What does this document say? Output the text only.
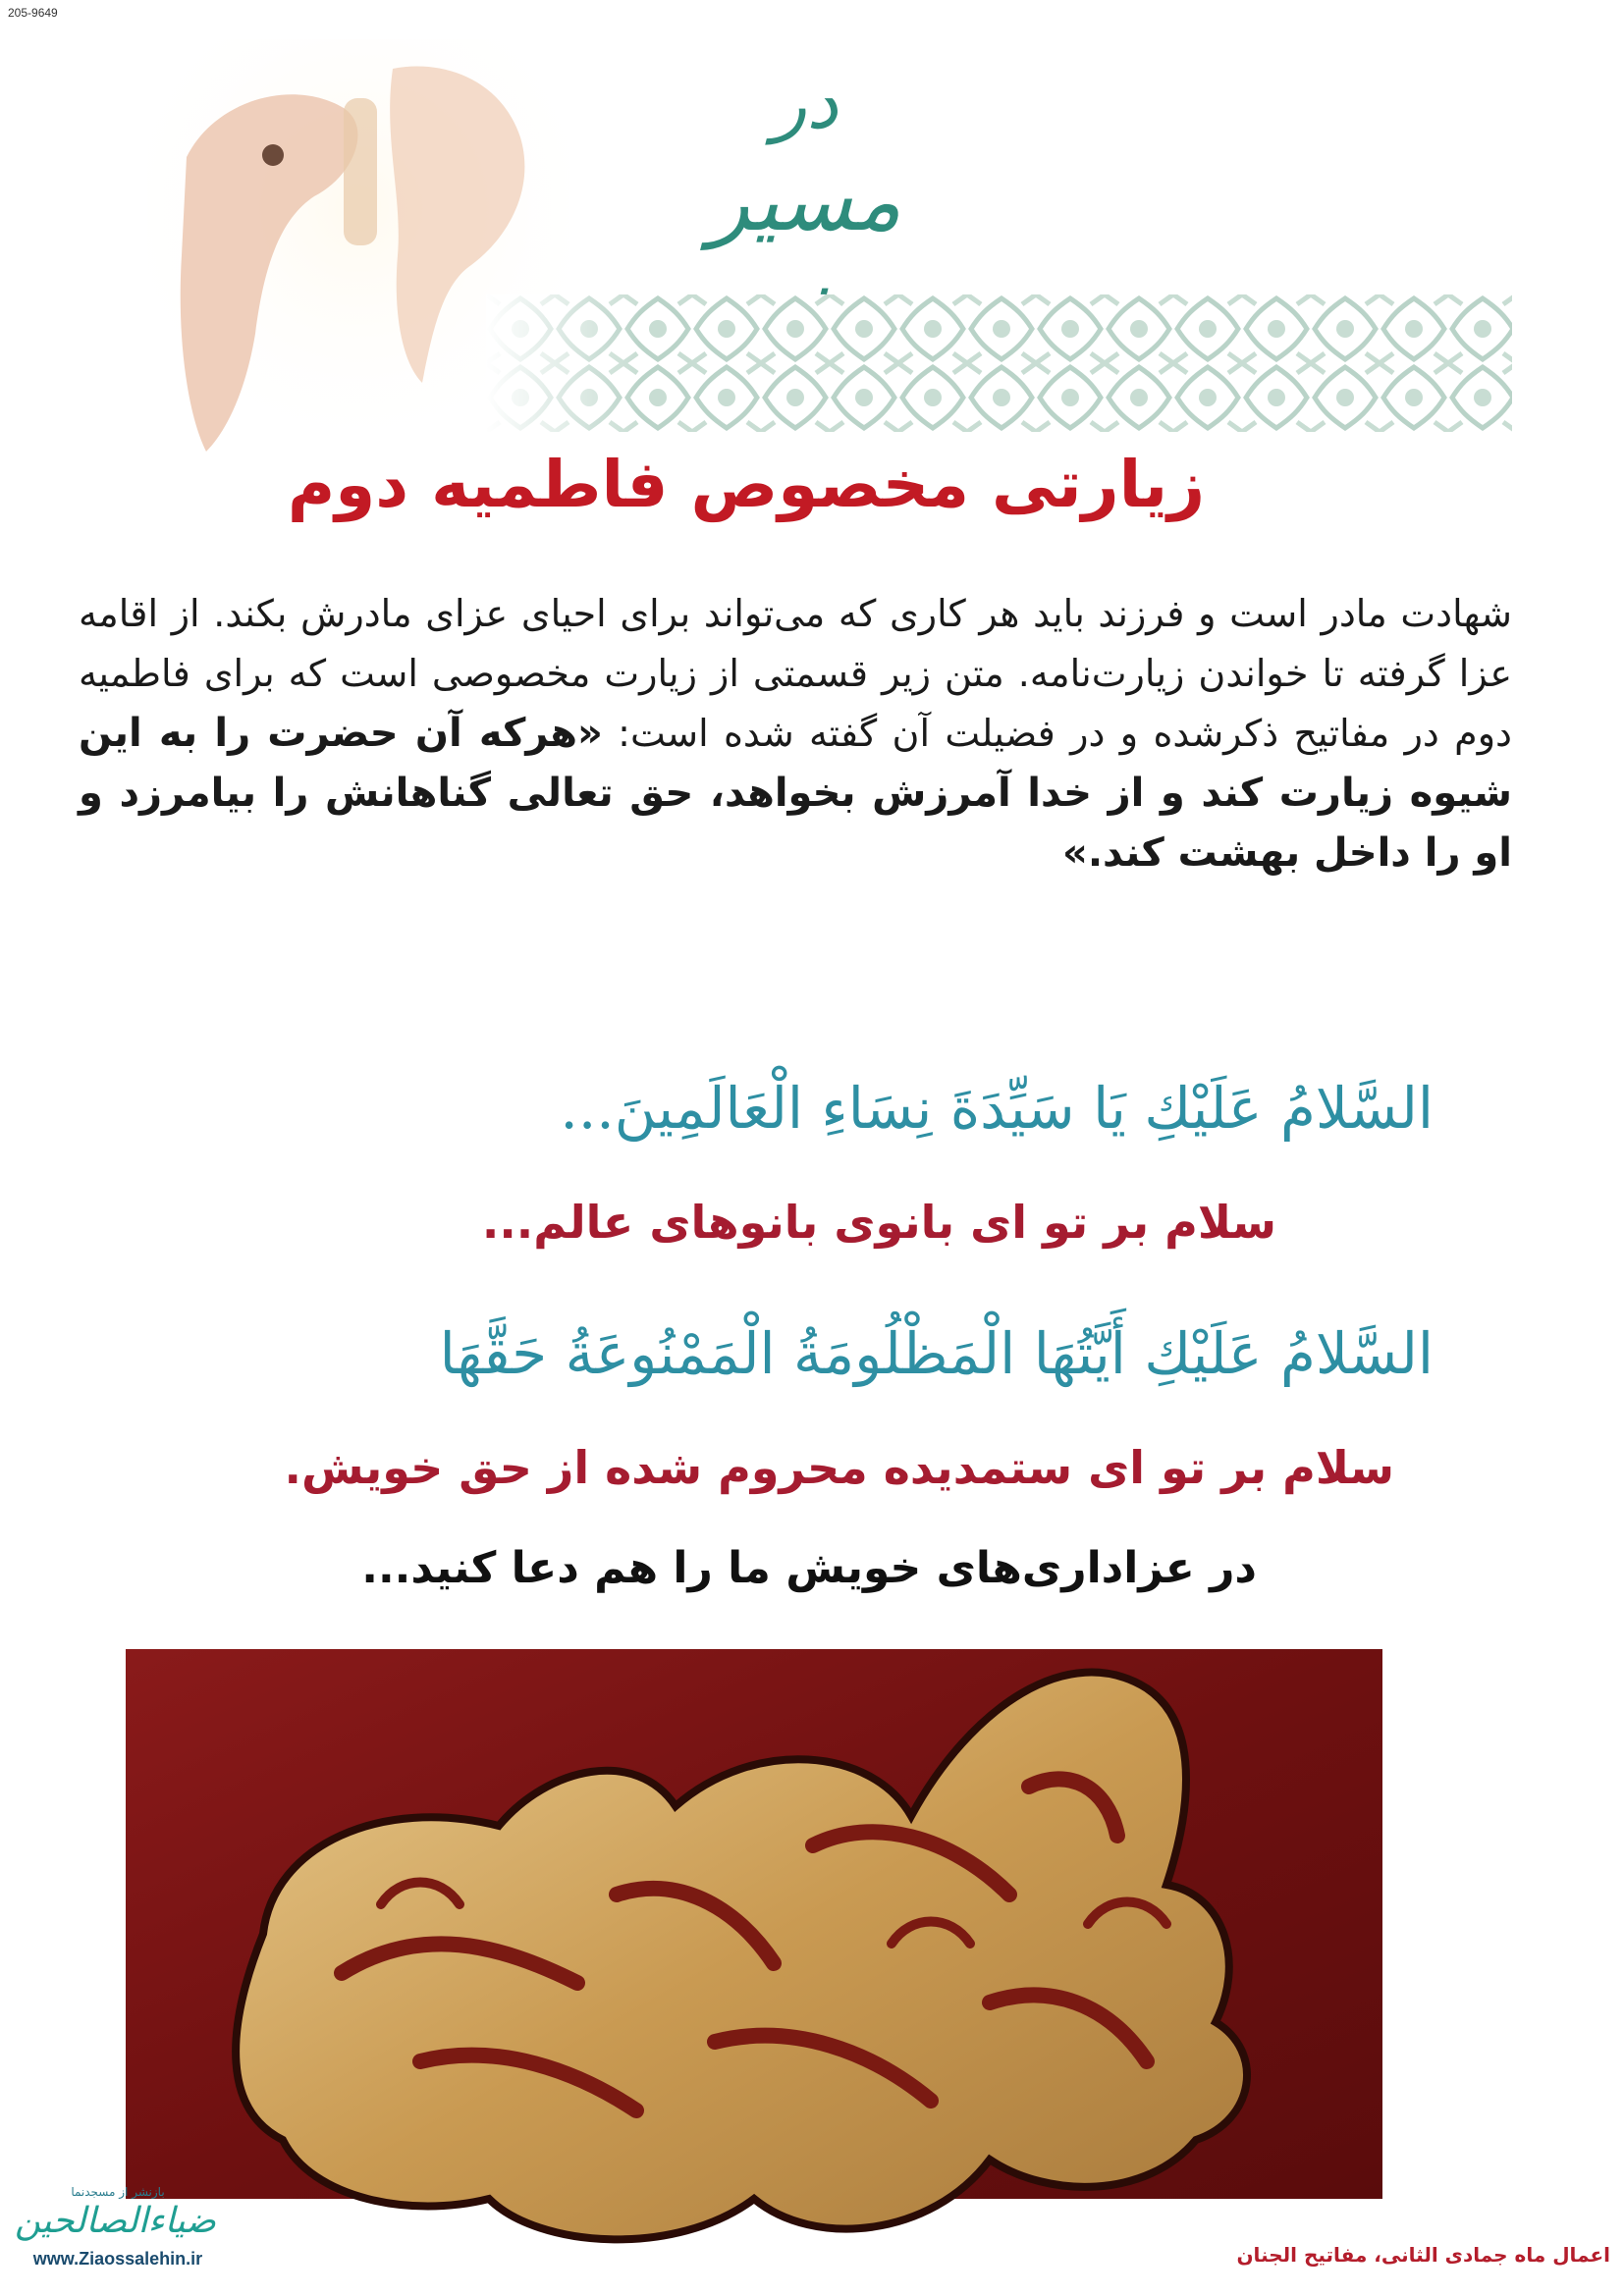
205-9649
در
مسیر
زیارتی مخصوص فاطمیه دوم
شهادت مادر است و فرزند باید هر کاری که می‌تواند برای احیای عزای مادرش بکند. از اقامه عزا گرفته تا خواندن زیارت‌نامه. متن زیر قسمتی از زیارت مخصوصی است که برای فاطمیه دوم در مفاتیح ذکرشده و در فضیلت آن گفته شده است: «هرکه آن حضرت را به این شیوه زیارت کند و از خدا آمرزش بخواهد، حق تعالی گناهانش را بیامرزد و او را داخل بهشت کند.»
السَّلامُ عَلَيْكِ يَا سَيِّدَةَ نِسَاءِ الْعَالَمِينَ...
سلام بر تو ای بانوی بانوهای عالم...
السَّلامُ عَلَيْكِ أَيَّتُهَا الْمَظْلُومَةُ الْمَمْنُوعَةُ حَقَّهَا
سلام بر تو ای ستمدیده محروم شده از حق خویش.
در عزاداری‌های خویش ما را هم دعا کنید...
بازنشر از مسجدنما
ضیاءالصالحین
www.Ziaossalehin.ir	اعمال ماه جمادی الثانی، مفاتیح الجنان
